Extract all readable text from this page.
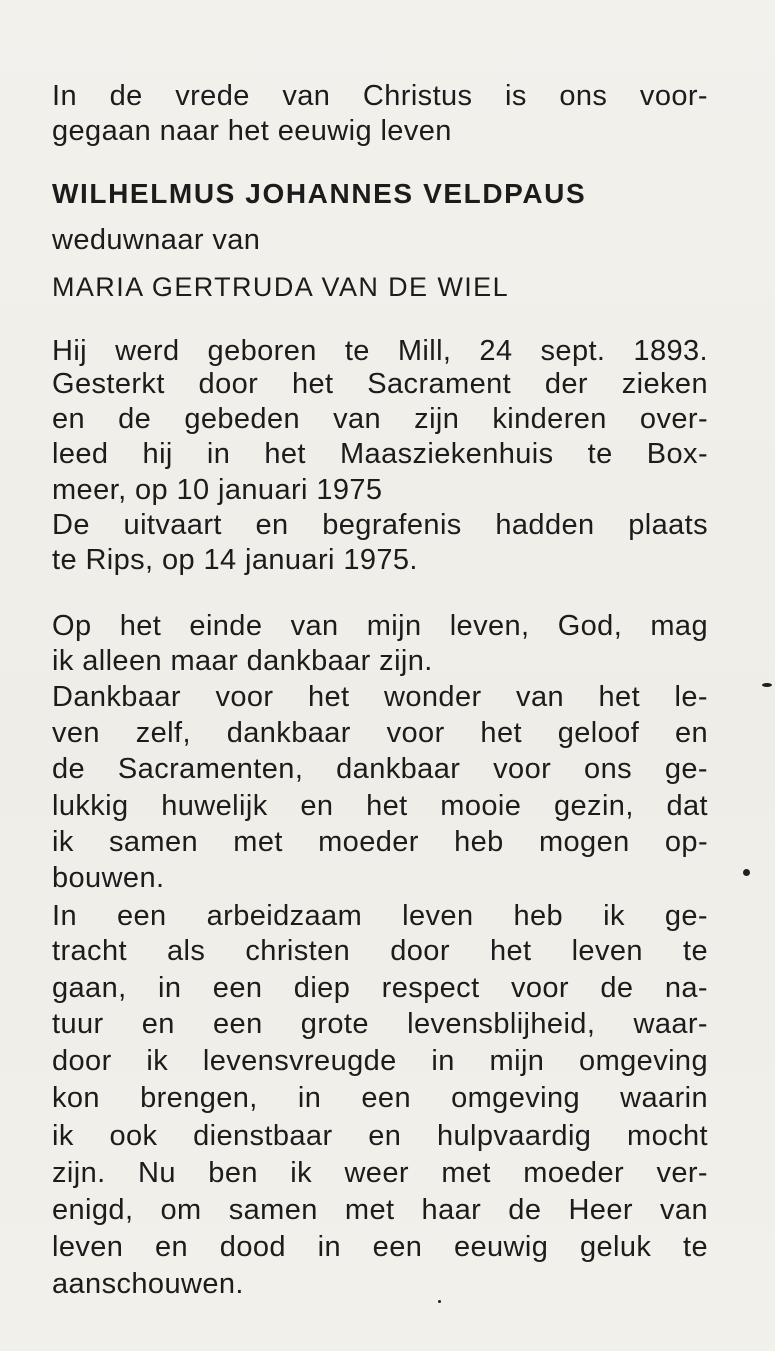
In de vrede van Christus is ons voor-
gegaan naar het eeuwig leven
WILHELMUS JOHANNES VELDPAUS
weduwnaar van
MARIA GERTRUDA VAN DE WIEL
Hij werd geboren te Mill, 24 sept. 1893.
Gesterkt door het Sacrament der zieken
en de gebeden van zijn kinderen over-
leed hij in het Maasziekenhuis te Box-
meer, op 10 januari 1975
De uitvaart en begrafenis hadden plaats
te Rips, op 14 januari 1975.
Op het einde van mijn leven, God, mag
ik alleen maar dankbaar zijn.
Dankbaar voor het wonder van het le-
ven zelf, dankbaar voor het geloof en
de Sacramenten, dankbaar voor ons ge-
lukkig huwelijk en het mooie gezin, dat
ik samen met moeder heb mogen op-
bouwen.
In een arbeidzaam leven heb ik ge-
tracht als christen door het leven te
gaan, in een diep respect voor de na-
tuur en een grote levensblijheid, waar-
door ik levensvreugde in mijn omgeving
kon brengen, in een omgeving waarin
ik ook dienstbaar en hulpvaardig mocht
zijn. Nu ben ik weer met moeder ver-
enigd, om samen met haar de Heer van
leven en dood in een eeuwig geluk te
aanschouwen.
